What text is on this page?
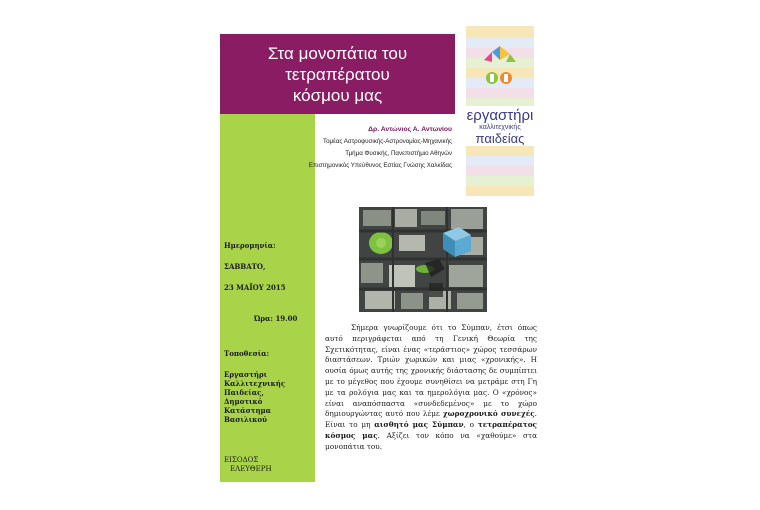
Στα μονοπάτια του
τετραπέρατου
κόσμου μας
Δρ. Αντώνιος Α. Αντωνίου
Τομέας Αστροφυσικής-Αστρονομίας-Μηχανικής
Τμήμα Φυσικής, Πανεπιστήμιο Αθηνών
Επιστημονικός Υπεύθυνος Εστίας Γνώσης Χαλκίδας
εργαστήρι
καλλιτεχνικής
παιδείας
Ημερομηνία:
ΣΑΒΒΑΤΟ,
23 ΜΑΪΟΥ 2015
Ώρα: 19.00
Τοποθεσία:
Εργαστήρι
Καλλιτεχνικής
Παιδείας,
Δημοτικό
Κατάστημα
Βασιλικού
ΕΙΣΟΔΟΣ
ΕΛΕΥΘΕΡΗ

Σήμερα γνωρίζουμε ότι το Σύμπαν, έτσι όπως αυτό περιγράφεται από τη Γενική Θεωρία της Σχετικότητας, είναι ένας «τεράστιος» χώρος τεσσάρων διαστάσεων. Τριών χωρικών και μιας «χρονικής». Η ουσία όμως αυτής της χρονικής διάστασης δε συμπίπτει με το μέγεθος που έχουμε συνηθίσει να μετράμε στη Γη με τα ρολόγια μας και τα ημερολόγια μας. Ο «χρόνος» είναι αναπόσπαστα «συνδεδεμένος» με το χώρο δημιουργώντας αυτό που λέμε χωροχρονικό συνεχές. Είναι το μη αισθητό μας Σύμπαν, ο τετραπέρατος κόσμος μας. Αξίζει τον κόπο να «χαθούμε» στα μονοπάτια του.
